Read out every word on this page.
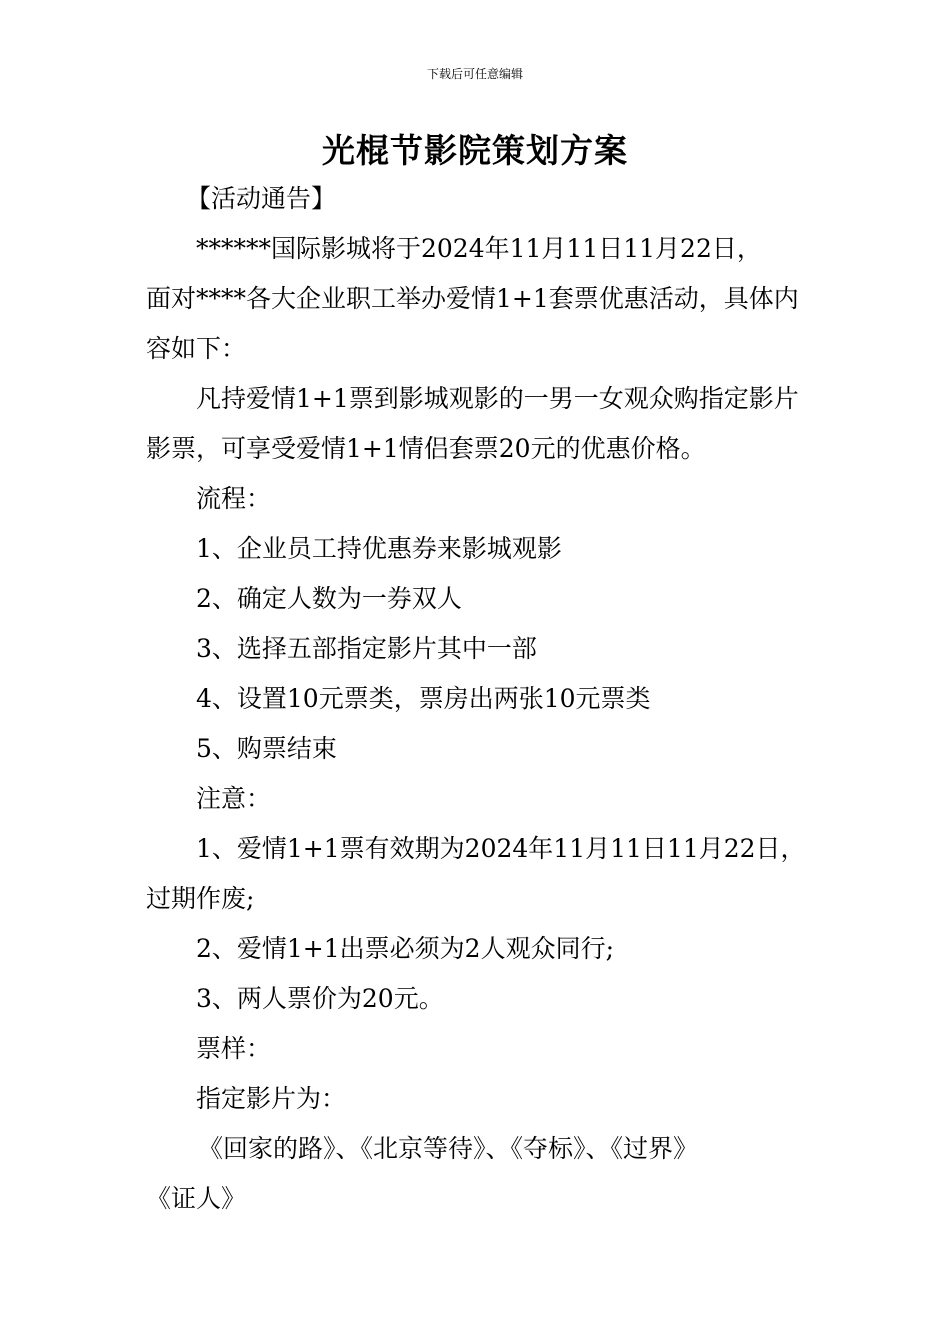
下载后可任意编辑
光棍节影院策划方案
【活动通告】
******国际影城将于2024年11月11日11月22日，
面对****各大企业职工举办爱情1+1套票优惠活动，具体内
容如下：
凡持爱情1+1票到影城观影的一男一女观众购指定影片
影票，可享受爱情1+1情侣套票20元的优惠价格。
流程：
1、企业员工持优惠券来影城观影
2、确定人数为一券双人
3、选择五部指定影片其中一部
4、设置10元票类，票房出两张10元票类
5、购票结束
注意：
1、爱情1+1票有效期为2024年11月11日11月22日，
过期作废;
2、爱情1+1出票必须为2人观众同行;
3、两人票价为20元。
票样：
指定影片为：
《回家的路》、《北京等待》、《夺标》、《过界》
《证人》
